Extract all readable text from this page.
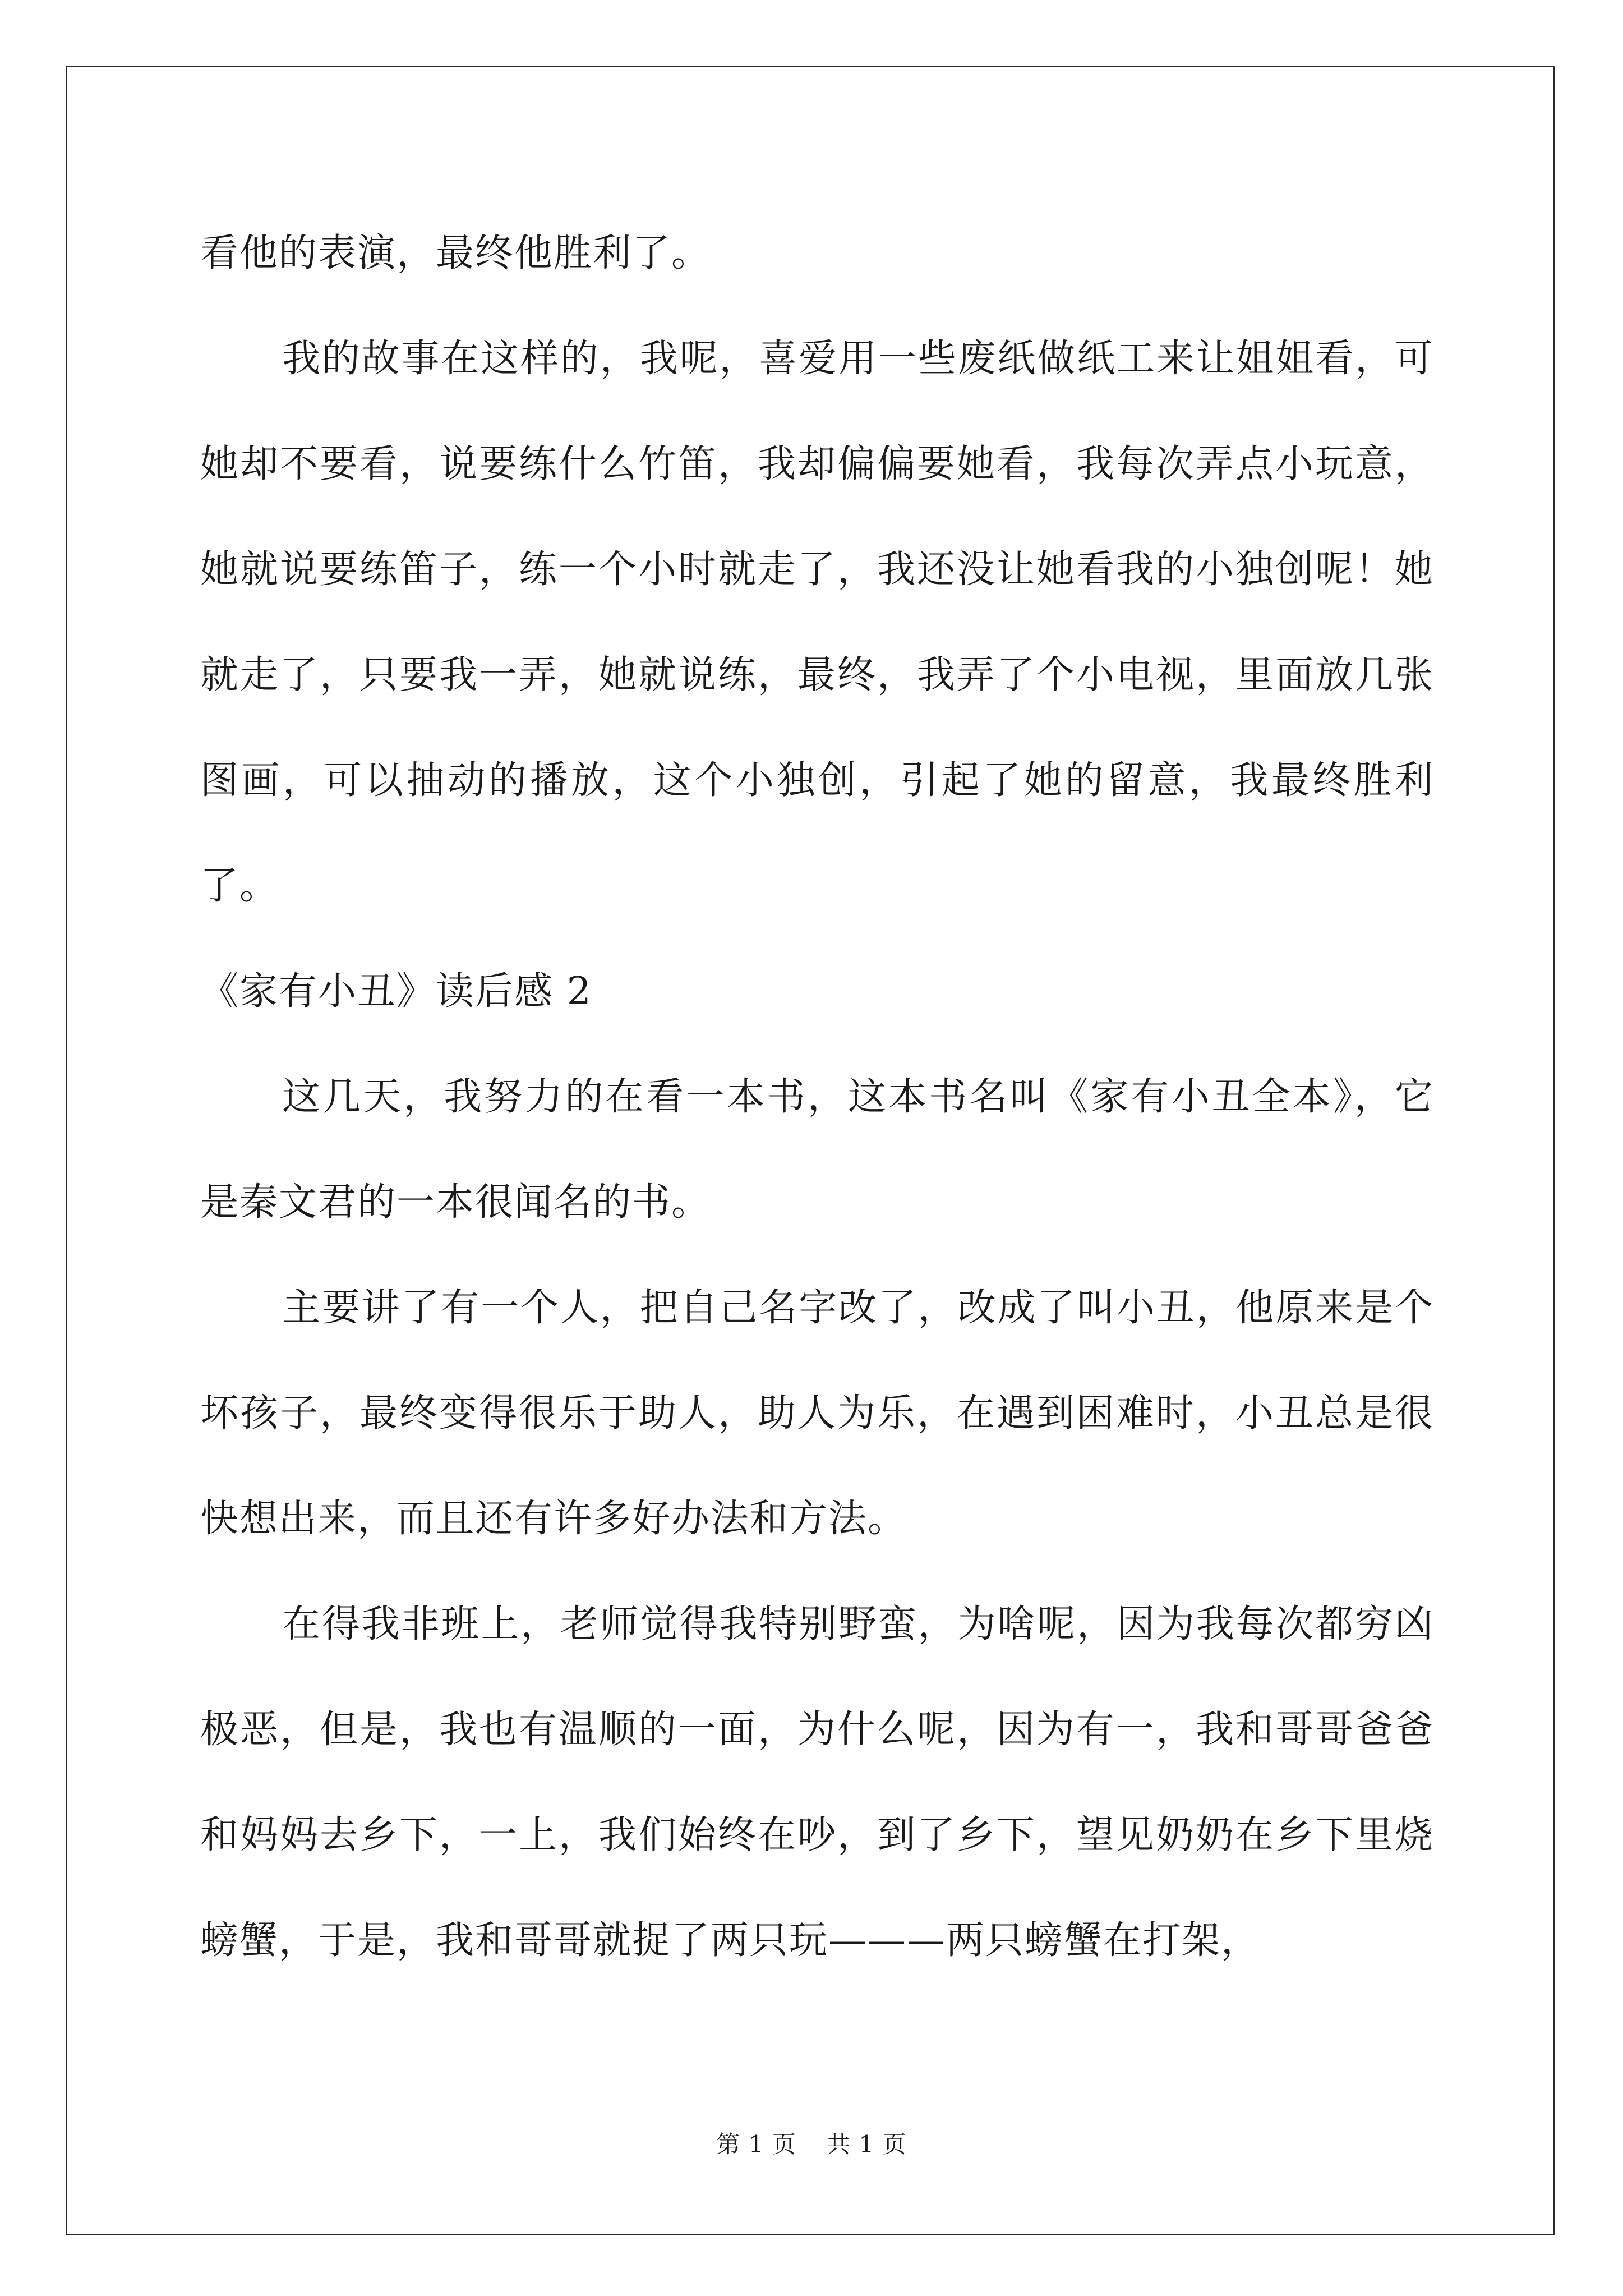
看他的表演，最终他胜利了。

我的故事在这样的，我呢，喜爱用一些废纸做纸工来让姐姐看，可她却不要看，说要练什么竹笛，我却偏偏要她看，我每次弄点小玩意，她就说要练笛子，练一个小时就走了，我还没让她看我的小独创呢！她就走了，只要我一弄，她就说练，最终，我弄了个小电视，里面放几张图画，可以抽动的播放，这个小独创，引起了她的留意，我最终胜利了。

《家有小丑》读后感 2

这几天，我努力的在看一本书，这本书名叫《家有小丑全本》，它是秦文君的一本很闻名的书。

主要讲了有一个人，把自己名字改了，改成了叫小丑，他原来是个坏孩子，最终变得很乐于助人，助人为乐，在遇到困难时，小丑总是很快想出来，而且还有许多好办法和方法。

在得我非班上，老师觉得我特别野蛮，为啥呢，因为我每次都穷凶极恶，但是，我也有温顺的一面，为什么呢，因为有一，我和哥哥爸爸和妈妈去乡下，一上，我们始终在吵，到了乡下，望见奶奶在乡下里烧螃蟹，于是，我和哥哥就捉了两只玩———两只螃蟹在打架，

第 1 页 共 1 页
